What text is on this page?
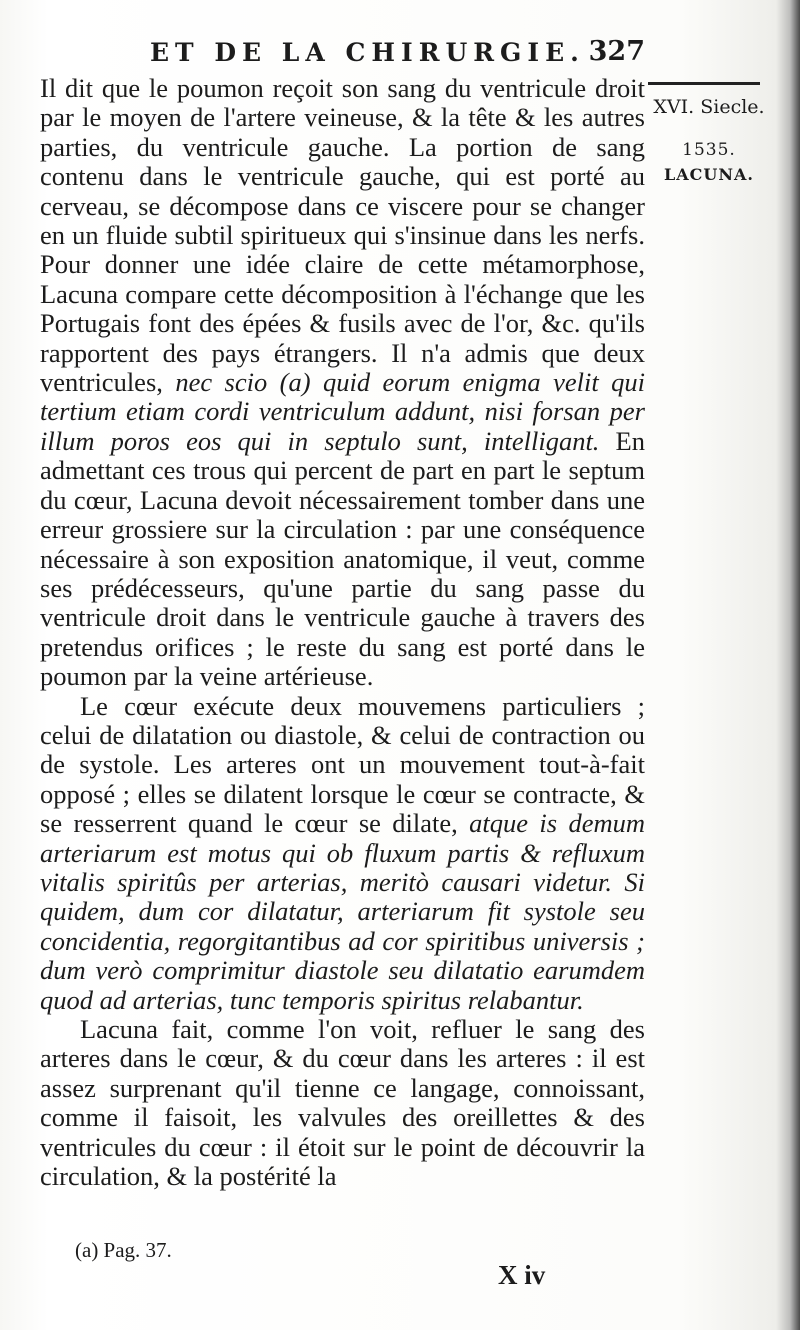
ET DE LA CHIRURGIE. 327
XVI. Siecle.
1535.
LACUNA.

Il dit que le poumon reçoit son sang du ventricule droit par le moyen de l'artere veineuse, & la tête & les autres parties, du ventricule gauche. La portion de sang contenu dans le ventricule gauche, qui est porté au cerveau, se décompose dans ce viscere pour se changer en un fluide subtil spiritueux qui s'insinue dans les nerfs. Pour donner une idée claire de cette métamorphose, Lacuna compare cette décomposition à l'échange que les Portugais font des épées & fusils avec de l'or, &c. qu'ils rapportent des pays étrangers. Il n'a admis que deux ventricules, nec scio (a) quid eorum enigma velit qui tertium etiam cordi ventriculum addunt, nisi forsan per illum poros eos qui in septulo sunt, intelligant. En admettant ces trous qui percent de part en part le septum du cœur, Lacuna devoit nécessairement tomber dans une erreur grossiere sur la circulation : par une conséquence nécessaire à son exposition anatomique, il veut, comme ses prédécesseurs, qu'une partie du sang passe du ventricule droit dans le ventricule gauche à travers des pretendus orifices ; le reste du sang est porté dans le poumon par la veine artérieuse.

Le cœur exécute deux mouvemens particuliers ; celui de dilatation ou diastole, & celui de contraction ou de systole. Les arteres ont un mouvement tout-à-fait opposé ; elles se dilatent lorsque le cœur se contracte, & se resserrent quand le cœur se dilate, atque is demum arteriarum est motus qui ob fluxum partis & refluxum vitalis spiritûs per arterias, meritò causari videtur. Si quidem, dum cor dilatatur, arteriarum fit systole seu concidentia, regorgitantibus ad cor spiritibus universis ; dum verò comprimitur diastole seu dilatatio earumdem quod ad arterias, tunc temporis spiritus relabantur.

Lacuna fait, comme l'on voit, refluer le sang des arteres dans le cœur, & du cœur dans les arteres : il est assez surprenant qu'il tienne ce langage, connoissant, comme il faisoit, les valvules des oreillettes & des ventricules du cœur : il étoit sur le point de découvrir la circulation, & la postérité la

(a) Pag. 37.
X iv
